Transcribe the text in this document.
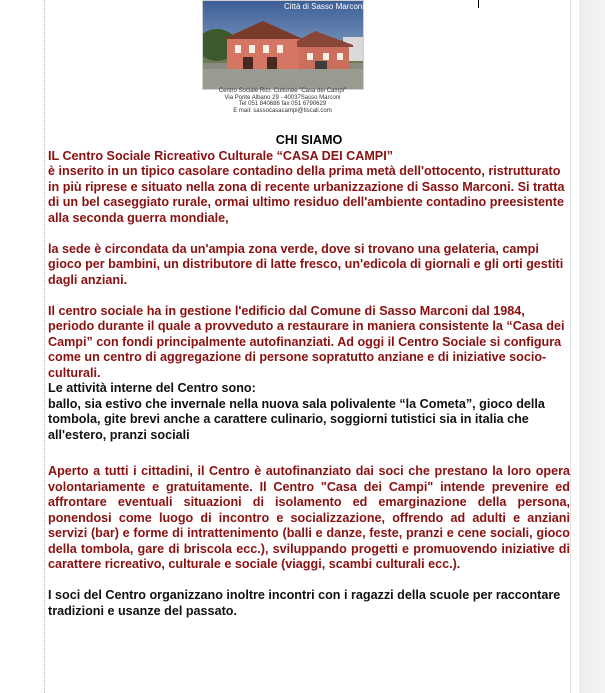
Città di Sasso Marconi
Centro Sociale Ricr. Culturale "Casa dei Campi"
Via Ponte Albano 29 - 40037Sasso Marconi
Tel 051 840686 fax 051 6790629
E mail: sassocasacampi@tiscali.com

CHI SIAMO

IL Centro Sociale Ricreativo Culturale “CASA DEI CAMPI”

è inserito in un tipico casolare contadino della prima metà dell'ottocento, ristrutturato in più riprese e situato nella zona di recente urbanizzazione di Sasso Marconi. Si tratta di un bel caseggiato rurale, ormai ultimo residuo dell'ambiente contadino preesistente alla seconda guerra mondiale,

la sede è circondata da un'ampia zona verde, dove si trovano una gelateria, campi gioco per bambini, un distributore di latte fresco, un'edicola di giornali e gli orti gestiti dagli anziani.

Il centro sociale ha in gestione l'edificio dal Comune di Sasso Marconi dal 1984, periodo durante il quale a provveduto a restaurare in maniera consistente la “Casa dei Campi” con fondi principalmente autofinanziati. Ad oggi il Centro Sociale si configura come un centro di aggregazione di persone sopratutto anziane e di iniziative socio-culturali.

Le attività interne del Centro sono:

ballo, sia estivo che invernale nella nuova sala polivalente “la Cometa”, gioco della tombola, gite brevi anche a carattere culinario, soggiorni tutistici sia in italia che all'estero, pranzi sociali

Aperto a tutti i cittadini, il Centro è autofinanziato dai soci che prestano la loro opera volontariamente e gratuitamente. Il Centro "Casa dei Campi" intende prevenire ed affrontare eventuali situazioni di isolamento ed emarginazione della persona, ponendosi come luogo di incontro e socializzazione, offrendo ad adulti e anziani servizi (bar) e forme di intrattenimento (balli e danze, feste, pranzi e cene sociali, gioco della tombola, gare di briscola ecc.), sviluppando progetti e promuovendo iniziative di carattere ricreativo, culturale e sociale (viaggi, scambi culturali ecc.).

I soci del Centro organizzano inoltre incontri con i ragazzi della scuole per raccontare tradizioni e usanze del passato.
